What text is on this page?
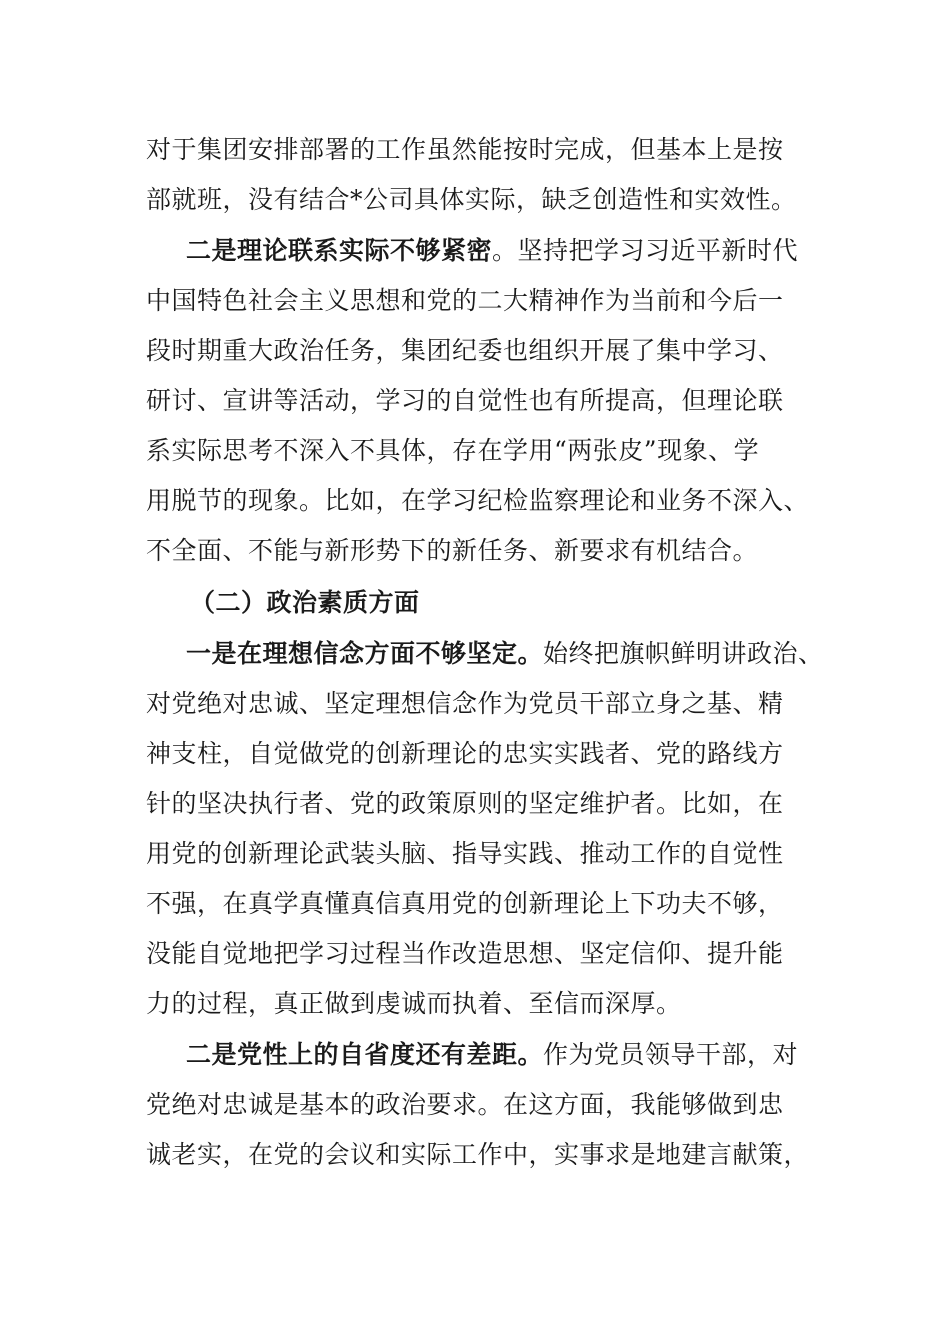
对于集团安排部署的工作虽然能按时完成，但基本上是按
部就班，没有结合*公司具体实际，缺乏创造性和实效性。
二是理论联系实际不够紧密。坚持把学习习近平新时代
中国特色社会主义思想和党的二大精神作为当前和今后一
段时期重大政治任务，集团纪委也组织开展了集中学习、
研讨、宣讲等活动，学习的自觉性也有所提高，但理论联
系实际思考不深入不具体，存在学用“两张皮”现象、学
用脱节的现象。比如，在学习纪检监察理论和业务不深入、
不全面、不能与新形势下的新任务、新要求有机结合。
（二）政治素质方面
一是在理想信念方面不够坚定。始终把旗帜鲜明讲政治、
对党绝对忠诚、坚定理想信念作为党员干部立身之基、精
神支柱，自觉做党的创新理论的忠实实践者、党的路线方
针的坚决执行者、党的政策原则的坚定维护者。比如，在
用党的创新理论武装头脑、指导实践、推动工作的自觉性
不强，在真学真懂真信真用党的创新理论上下功夫不够，
没能自觉地把学习过程当作改造思想、坚定信仰、提升能
力的过程，真正做到虔诚而执着、至信而深厚。
二是党性上的自省度还有差距。作为党员领导干部，对
党绝对忠诚是基本的政治要求。在这方面，我能够做到忠
诚老实，在党的会议和实际工作中，实事求是地建言献策，
